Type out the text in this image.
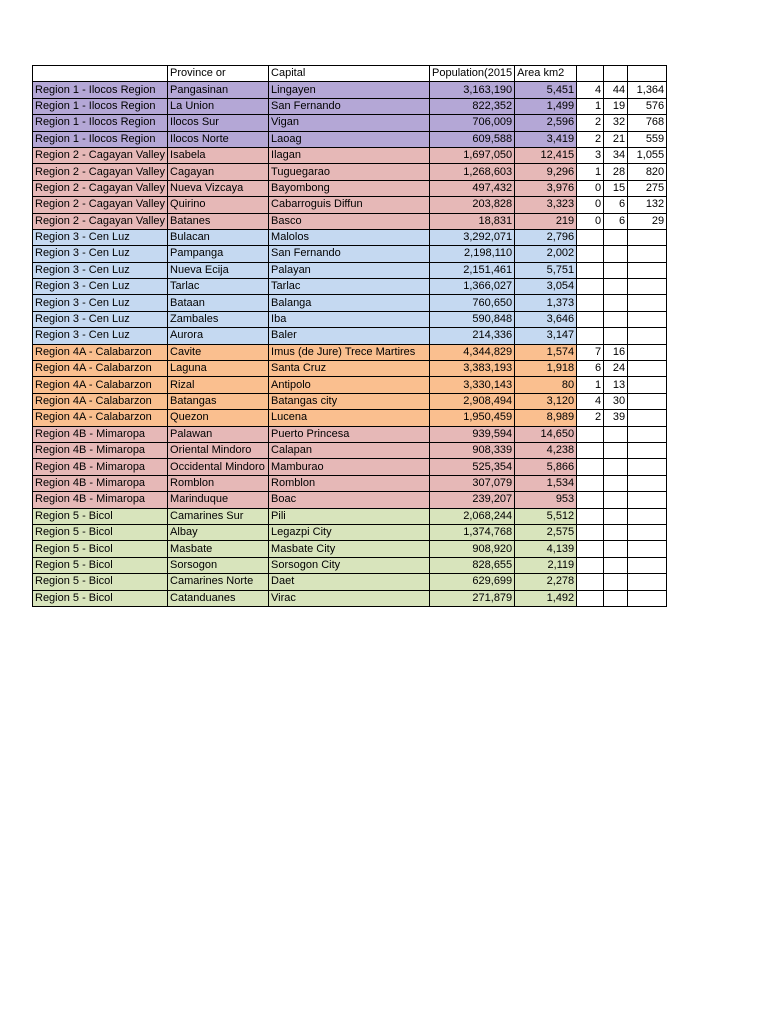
	Province or	Capital	Population(2015	Area km2			
Region 1 - Ilocos Region	Pangasinan	Lingayen	3,163,190	5,451	4	44	1,364
Region 1 - Ilocos Region	La Union	San Fernando	822,352	1,499	1	19	576
Region 1 - Ilocos Region	Ilocos Sur	Vigan	706,009	2,596	2	32	768
Region 1 - Ilocos Region	Ilocos Norte	Laoag	609,588	3,419	2	21	559
Region 2 - Cagayan Valley	Isabela	Ilagan	1,697,050	12,415	3	34	1,055
Region 2 - Cagayan Valley	Cagayan	Tuguegarao	1,268,603	9,296	1	28	820
Region 2 - Cagayan Valley	Nueva Vizcaya	Bayombong	497,432	3,976	0	15	275
Region 2 - Cagayan Valley	Quirino	Cabarroguis Diffun	203,828	3,323	0	6	132
Region 2 - Cagayan Valley	Batanes	Basco	18,831	219	0	6	29
Region 3 - Cen Luz	Bulacan	Malolos	3,292,071	2,796			
Region 3 - Cen Luz	Pampanga	San Fernando	2,198,110	2,002			
Region 3 - Cen Luz	Nueva Ecija	Palayan	2,151,461	5,751			
Region 3 - Cen Luz	Tarlac	Tarlac	1,366,027	3,054			
Region 3 - Cen Luz	Bataan	Balanga	760,650	1,373			
Region 3 - Cen Luz	Zambales	Iba	590,848	3,646			
Region 3 - Cen Luz	Aurora	Baler	214,336	3,147			
Region 4A - Calabarzon	Cavite	Imus (de Jure) Trece Martires	4,344,829	1,574	7	16	
Region 4A - Calabarzon	Laguna	Santa Cruz	3,383,193	1,918	6	24	
Region 4A - Calabarzon	Rizal	Antipolo	3,330,143	80	1	13	
Region 4A - Calabarzon	Batangas	Batangas city	2,908,494	3,120	4	30	
Region 4A - Calabarzon	Quezon	Lucena	1,950,459	8,989	2	39	
Region 4B - Mimaropa	Palawan	Puerto Princesa	939,594	14,650			
Region 4B - Mimaropa	Oriental Mindoro	Calapan	908,339	4,238			
Region 4B - Mimaropa	Occidental Mindoro	Mamburao	525,354	5,866			
Region 4B - Mimaropa	Romblon	Romblon	307,079	1,534			
Region 4B - Mimaropa	Marinduque	Boac	239,207	953			
Region 5 - Bicol	Camarines Sur	Pili	2,068,244	5,512			
Region 5 - Bicol	Albay	Legazpi City	1,374,768	2,575			
Region 5 - Bicol	Masbate	Masbate City	908,920	4,139			
Region 5 - Bicol	Sorsogon	Sorsogon City	828,655	2,119			
Region 5 - Bicol	Camarines Norte	Daet	629,699	2,278			
Region 5 - Bicol	Catanduanes	Virac	271,879	1,492			
